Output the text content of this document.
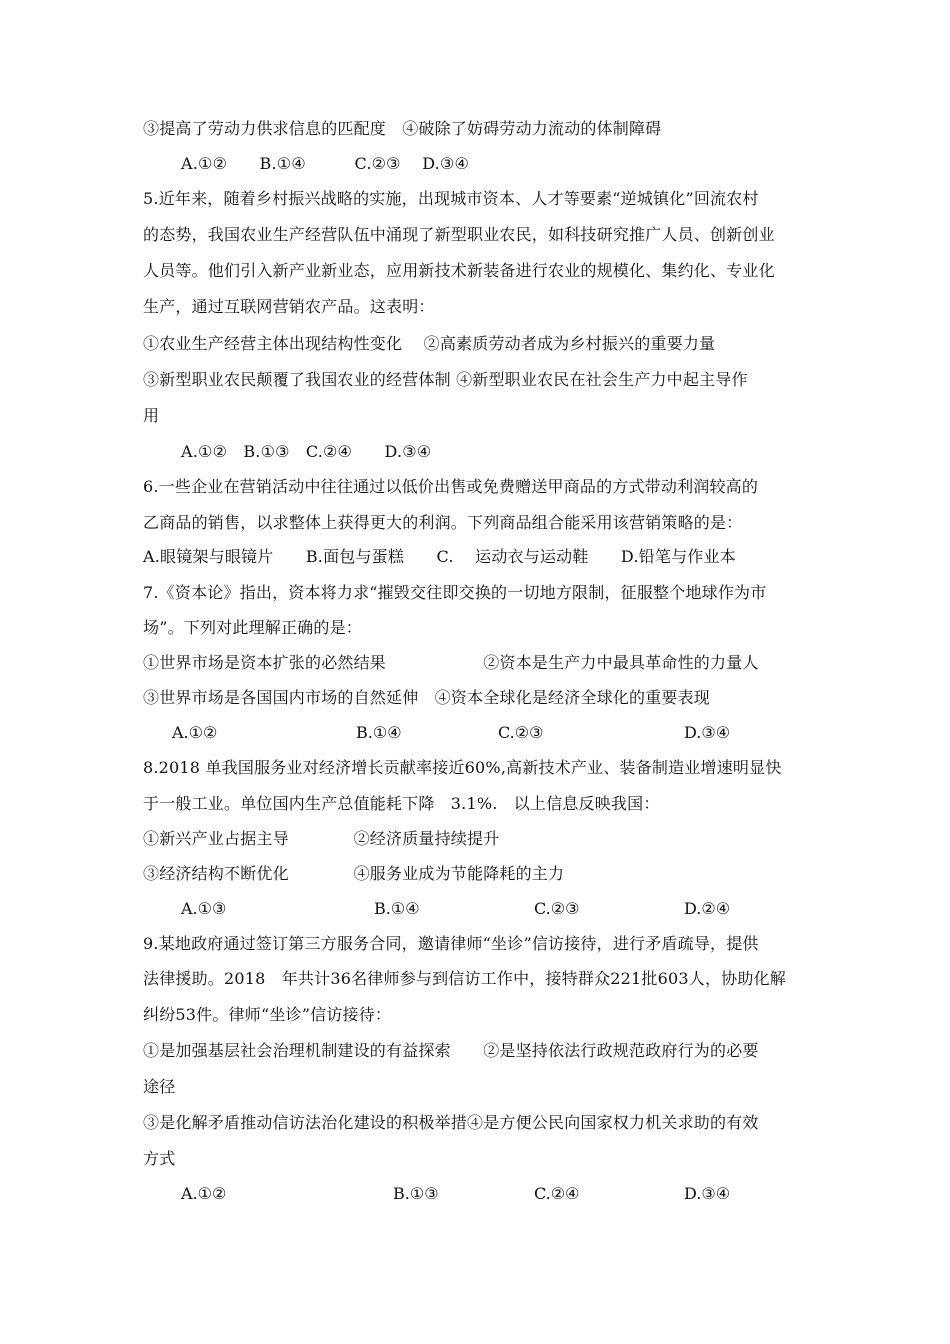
③提高了劳动力供求信息的匹配度　④破除了妨碍劳动力流动的体制障碍
A.①②　　B.①④　　　C.②③　 D.③④
5.近年来，随着乡村振兴战略的实施，出现城市资本、人才等要素“逆城镇化”回流农村
的态势，我国农业生产经营队伍中涌现了新型职业农民，如科技研究推广人员、创新创业
人员等。他们引入新产业新业态，应用新技术新装备进行农业的规模化、集约化、专业化
生产，通过互联网营销农产品。这表明：
①农业生产经营主体出现结构性变化　 ②高素质劳动者成为乡村振兴的重要力量
③新型职业农民颠覆了我国农业的经营体制 ④新型职业农民在社会生产力中起主导作
用
A.①②　B.①③　C.②④　　D.③④
6.一些企业在营销活动中往往通过以低价出售或免费赠送甲商品的方式带动利润较高的
乙商品的销售，以求整体上获得更大的利润。下列商品组合能采用该营销策略的是：
A.眼镜架与眼镜片　　B.面包与蛋糕　　C.　 运动衣与运动鞋　　D.铅笔与作业本
7.《资本论》指出，资本将力求“摧毁交往即交换的一切地方限制，征服整个地球作为市
场”。下列对此理解正确的是：
①世界市场是资本扩张的必然结果　　　　　　②资本是生产力中最具革命性的力量人
③世界市场是各国国内市场的自然延伸　④资本全球化是经济全球化的重要表现
A.①②	B.①④	C.②③	D.③④
8.2018 单我国服务业对经济增长贡献率接近60%,高新技术产业、装备制造业增速明显快
于一般工业。单位国内生产总值能耗下降　3.1%.　以上信息反映我国：
①新兴产业占据主导　　　　②经济质量持续提升
③经济结构不断优化　　　　④服务业成为节能降耗的主力
A.①③	B.①④	C.②③	D.②④
9.某地政府通过签订第三方服务合同，邀请律师“坐诊”信访接待，进行矛盾疏导，提供
法律援助。2018　年共计36名律师参与到信访工作中，接特群众221批603人，协助化解
纠纷53件。律师“坐诊”信访接待：
①是加强基层社会治理机制建设的有益探索　　②是坚持依法行政规范政府行为的必要
途径
③是化解矛盾推动信访法治化建设的积极举措④是方便公民向国家权力机关求助的有效
方式
A.①②	B.①③	C.②④	D.③④
